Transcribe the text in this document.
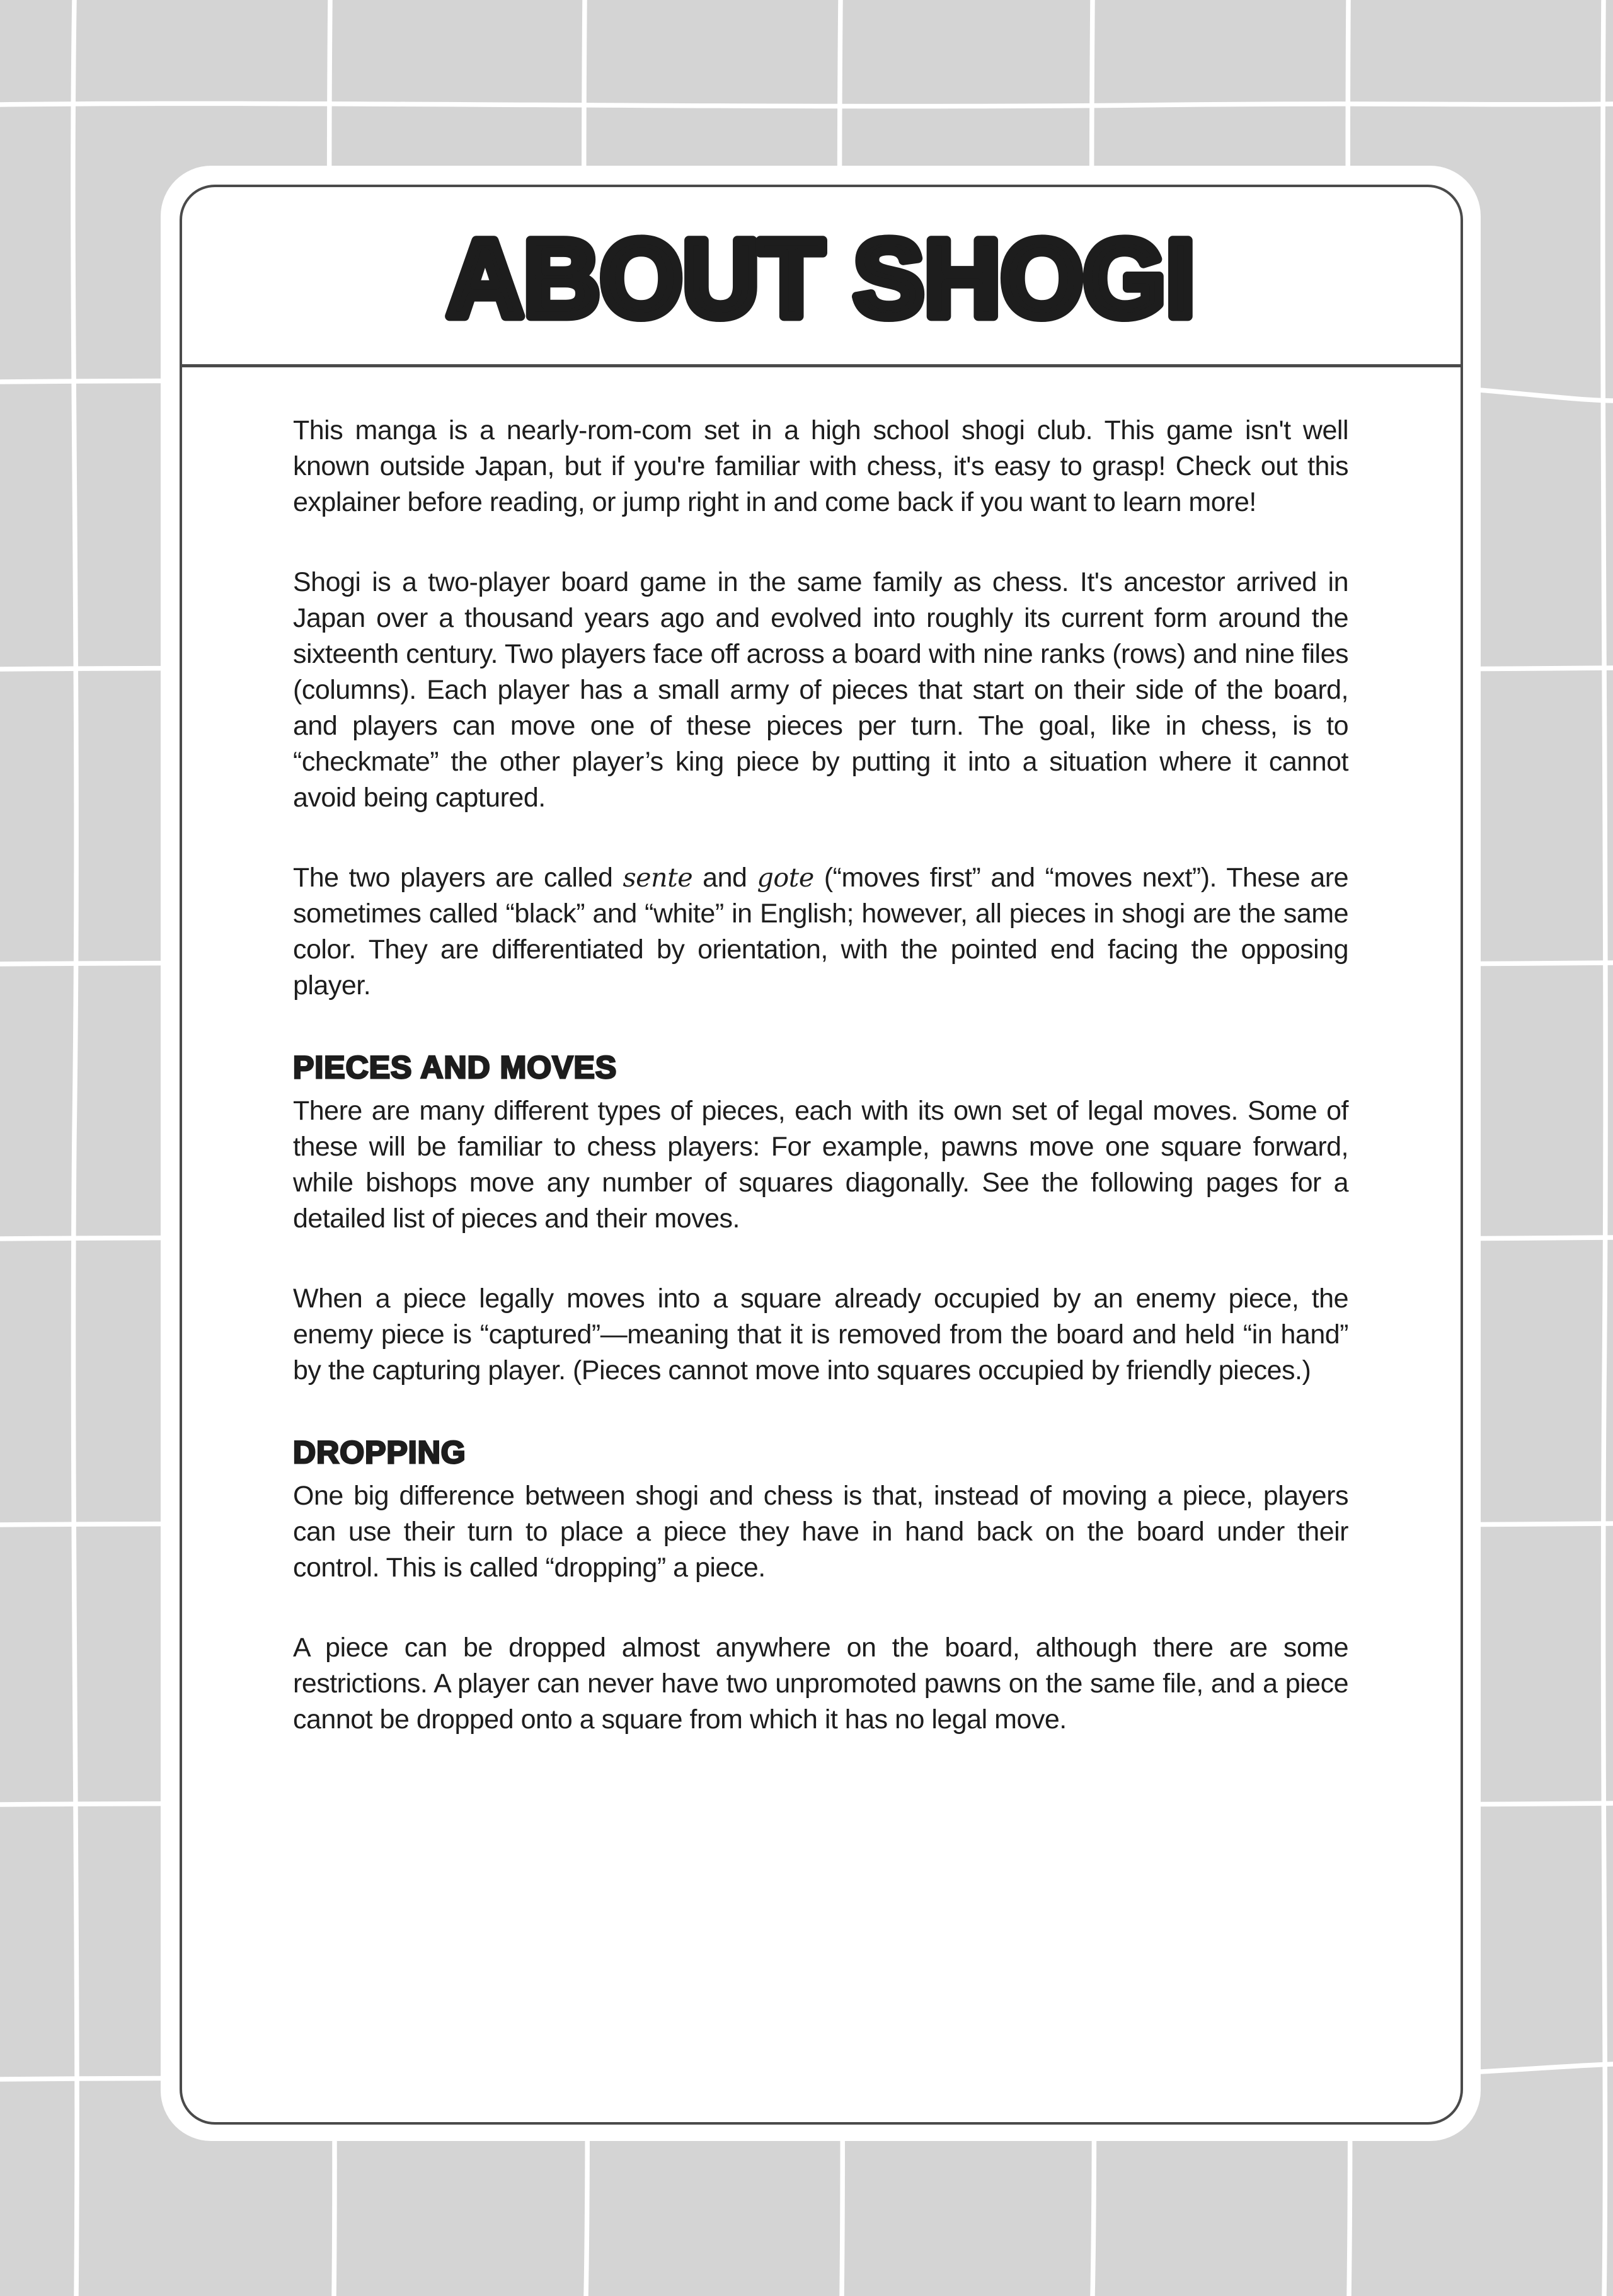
ABOUT SHOGI

This manga is a nearly-rom-com set in a high school shogi club. This game isn't well known outside Japan, but if you're familiar with chess, it's easy to grasp! Check out this explainer before reading, or jump right in and come back if you want to learn more!

Shogi is a two-player board game in the same family as chess. It's ancestor arrived in Japan over a thousand years ago and evolved into roughly its current form around the sixteenth century. Two players face off across a board with nine ranks (rows) and nine files (columns). Each player has a small army of pieces that start on their side of the board, and players can move one of these pieces per turn. The goal, like in chess, is to “checkmate” the other player’s king piece by putting it into a situation where it cannot avoid being captured.

The two players are called sente and gote (“moves first” and “moves next”). These are sometimes called “black” and “white” in English; however, all pieces in shogi are the same color. They are differentiated by orientation, with the pointed end facing the opposing player.

PIECES AND MOVES

There are many different types of pieces, each with its own set of legal moves. Some of these will be familiar to chess players: For example, pawns move one square forward, while bishops move any number of squares diagonally. See the following pages for a detailed list of pieces and their moves.

When a piece legally moves into a square already occupied by an enemy piece, the enemy piece is “captured”—meaning that it is removed from the board and held “in hand” by the capturing player. (Pieces cannot move into squares occupied by friendly pieces.)

DROPPING

One big difference between shogi and chess is that, instead of moving a piece, players can use their turn to place a piece they have in hand back on the board under their control. This is called “dropping” a piece.

A piece can be dropped almost anywhere on the board, although there are some restrictions. A player can never have two unpromoted pawns on the same file, and a piece cannot be dropped onto a square from which it has no legal move.
